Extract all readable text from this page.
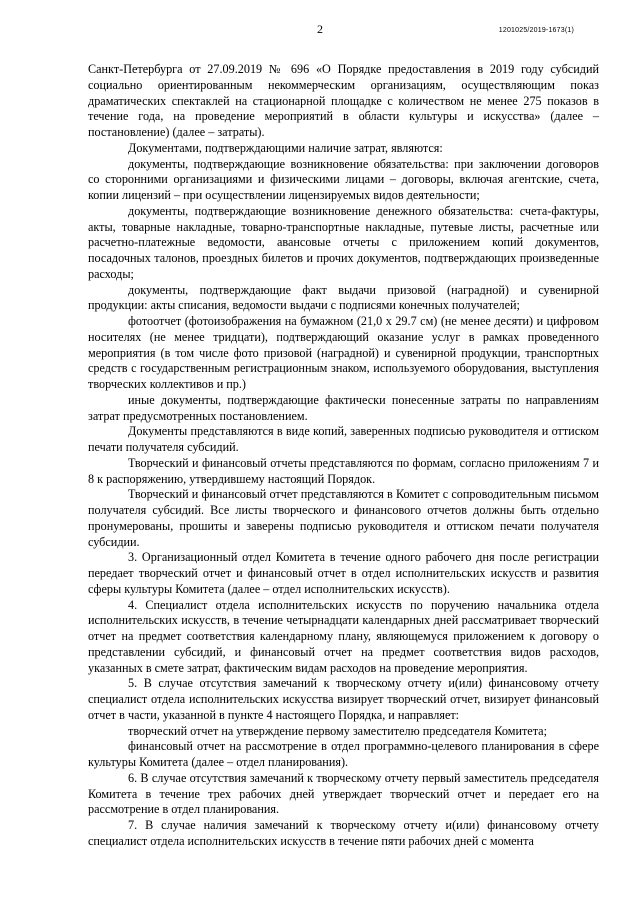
2	1201025/2019-1673(1)

Санкт-Петербурга от 27.09.2019 № 696 «О Порядке предоставления в 2019 году субсидий социально ориентированным некоммерческим организациям, осуществляющим показ драматических спектаклей на стационарной площадке с количеством не менее 275 показов в течение года, на проведение мероприятий в области культуры и искусства» (далее – постановление) (далее – затраты).

Документами, подтверждающими наличие затрат, являются:

документы, подтверждающие возникновение обязательства: при заключении договоров со сторонними организациями и физическими лицами – договоры, включая агентские, счета, копии лицензий – при осуществлении лицензируемых видов деятельности;

документы, подтверждающие возникновение денежного обязательства: счета-фактуры, акты, товарные накладные, товарно-транспортные накладные, путевые листы, расчетные или расчетно-платежные ведомости, авансовые отчеты с приложением копий документов, посадочных талонов, проездных билетов и прочих документов, подтверждающих произведенные расходы;

документы, подтверждающие факт выдачи призовой (наградной) и сувенирной продукции: акты списания, ведомости выдачи с подписями конечных получателей;

фотоотчет (фотоизображения на бумажном (21,0 x 29.7 см) (не менее десяти) и цифровом носителях (не менее тридцати), подтверждающий оказание услуг в рамках проведенного мероприятия (в том числе фото призовой (наградной) и сувенирной продукции, транспортных средств с государственным регистрационным знаком, используемого оборудования, выступления творческих коллективов и пр.)

иные документы, подтверждающие фактически понесенные затраты по направлениям затрат предусмотренных постановлением.

Документы представляются в виде копий, заверенных подписью руководителя и оттиском печати получателя субсидий.

Творческий и финансовый отчеты представляются по формам, согласно приложениям 7 и 8 к распоряжению, утвердившему настоящий Порядок.

Творческий и финансовый отчет представляются в Комитет с сопроводительным письмом получателя субсидий. Все листы творческого и финансового отчетов должны быть отдельно пронумерованы, прошиты и заверены подписью руководителя и оттиском печати получателя субсидии.

3. Организационный отдел Комитета в течение одного рабочего дня после регистрации передает творческий отчет и финансовый отчет в отдел исполнительских искусств и развития сферы культуры Комитета (далее – отдел исполнительских искусств).

4. Специалист отдела исполнительских искусств по поручению начальника отдела исполнительских искусств, в течение четырнадцати календарных дней рассматривает творческий отчет на предмет соответствия календарному плану, являющемуся приложением к договору о представлении субсидий, и финансовый отчет на предмет соответствия видов расходов, указанных в смете затрат, фактическим видам расходов на проведение мероприятия.

5. В случае отсутствия замечаний к творческому отчету и(или) финансовому отчету специалист отдела исполнительских искусства визирует творческий отчет, визирует финансовый отчет в части, указанной в пункте 4 настоящего Порядка, и направляет:

творческий отчет на утверждение первому заместителю председателя Комитета;

финансовый отчет на рассмотрение в отдел программно-целевого планирования в сфере культуры Комитета (далее – отдел планирования).

6. В случае отсутствия замечаний к творческому отчету первый заместитель председателя Комитета в течение трех рабочих дней утверждает творческий отчет и передает его на рассмотрение в отдел планирования.

7. В случае наличия замечаний к творческому отчету и(или) финансовому отчету специалист отдела исполнительских искусств в течение пяти рабочих дней с момента
